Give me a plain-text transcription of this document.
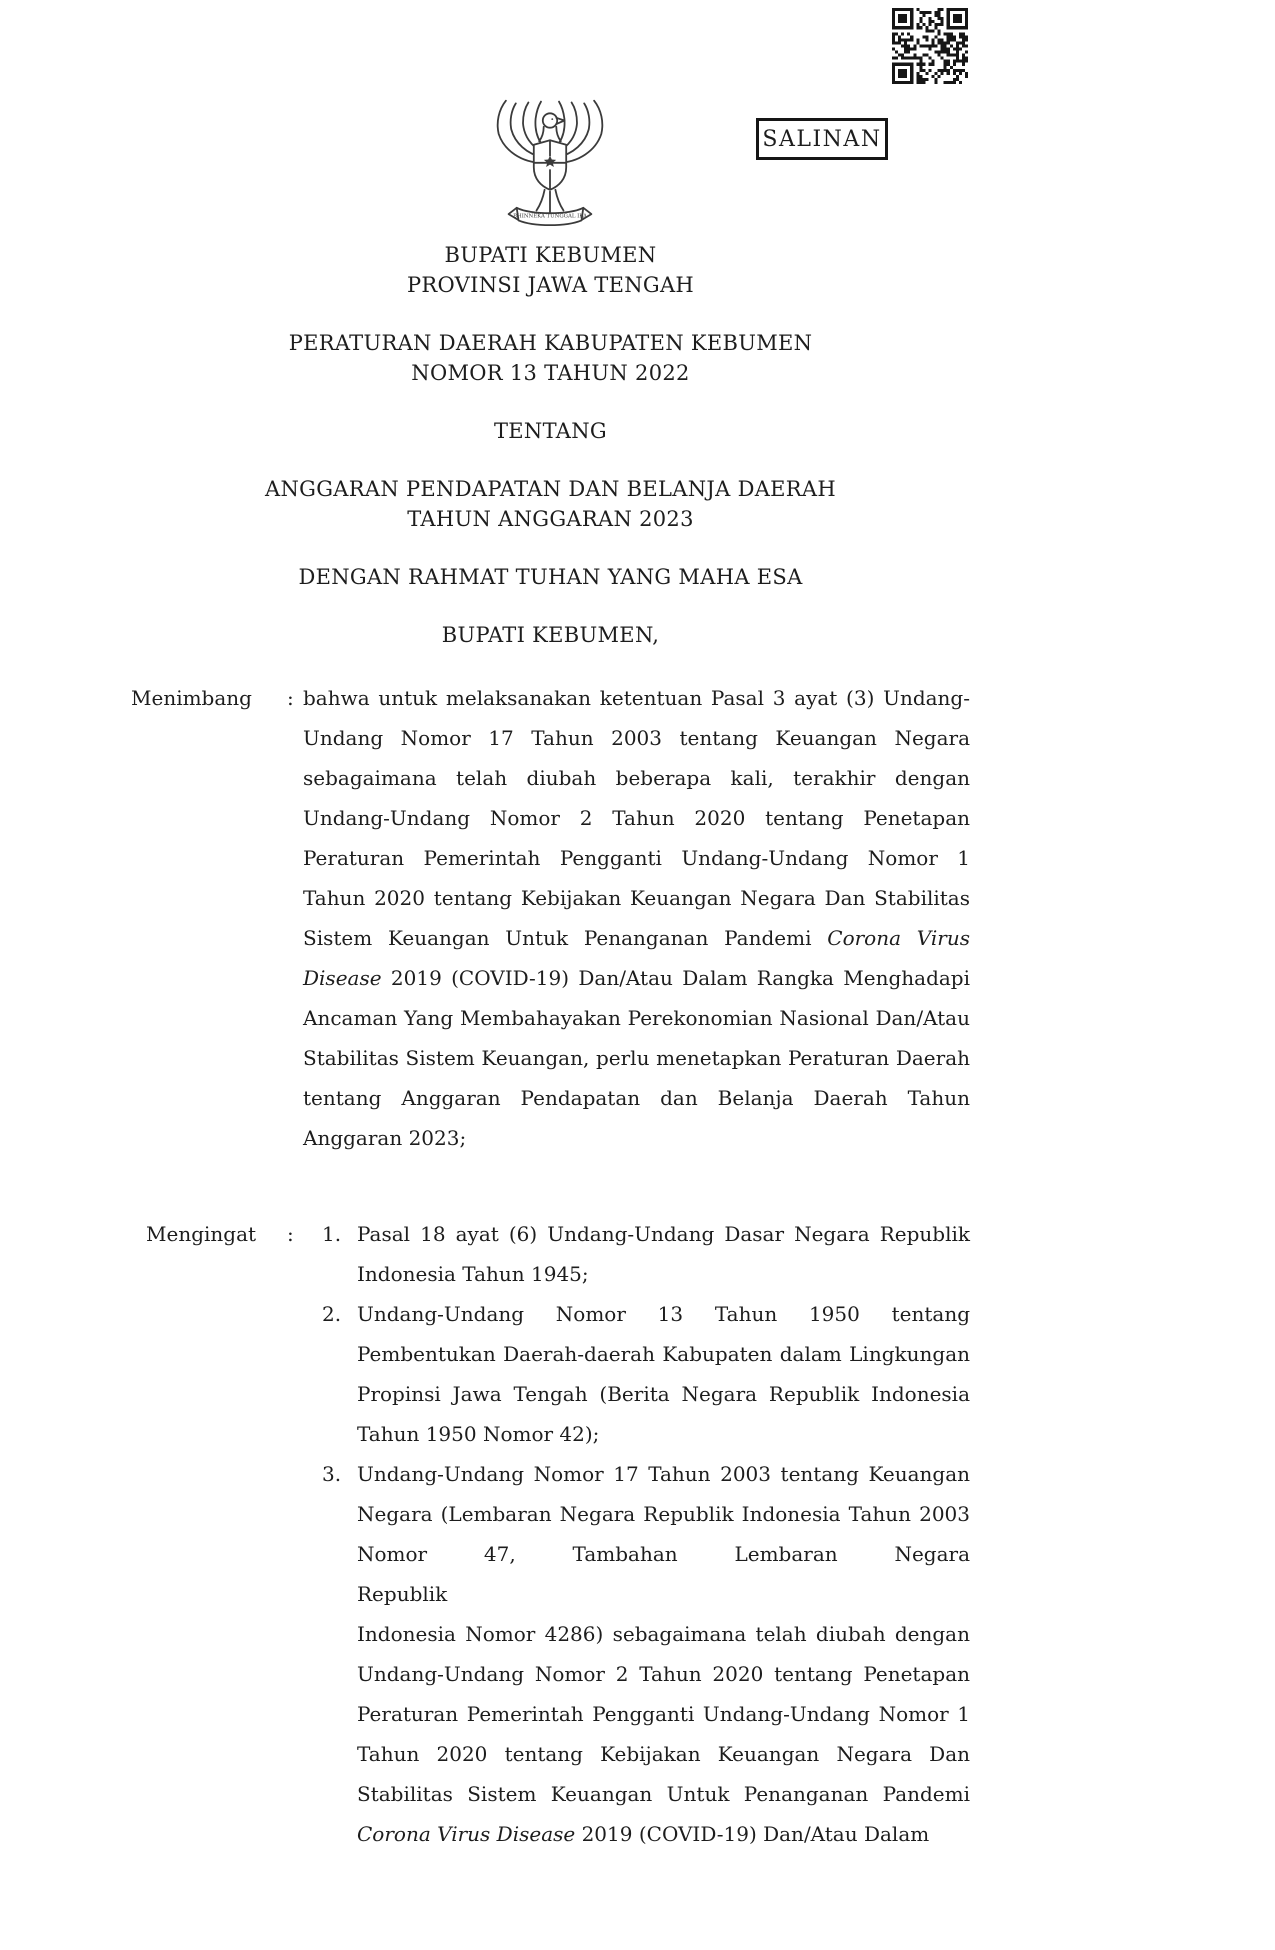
SALINAN
BHINNEKA TUNGGAL IKA
BUPATI KEBUMEN
PROVINSI JAWA TENGAH
PERATURAN DAERAH KABUPATEN KEBUMEN
NOMOR 13 TAHUN 2022
TENTANG
ANGGARAN PENDAPATAN DAN BELANJA DAERAH
TAHUN ANGGARAN 2023
DENGAN RAHMAT TUHAN YANG MAHA ESA
BUPATI KEBUMEN,
Menimbang	: bahwa untuk melaksanakan ketentuan Pasal 3 ayat (3) Undang-Undang Nomor 17 Tahun 2003 tentang Keuangan Negara sebagaimana telah diubah beberapa kali, terakhir dengan Undang-Undang Nomor 2 Tahun 2020 tentang Penetapan Peraturan Pemerintah Pengganti Undang-Undang Nomor 1 Tahun 2020 tentang Kebijakan Keuangan Negara Dan Stabilitas Sistem Keuangan Untuk Penanganan Pandemi Corona Virus Disease 2019 (COVID-19) Dan/Atau Dalam Rangka Menghadapi Ancaman Yang Membahayakan Perekonomian Nasional Dan/Atau Stabilitas Sistem Keuangan, perlu menetapkan Peraturan Daerah tentang Anggaran Pendapatan dan Belanja Daerah Tahun Anggaran 2023;

Mengingat	:	1. Pasal 18 ayat (6) Undang-Undang Dasar Negara Republik Indonesia Tahun 1945;

2. Undang-Undang Nomor 13 Tahun 1950 tentang Pembentukan Daerah-daerah Kabupaten dalam Lingkungan Propinsi Jawa Tengah (Berita Negara Republik Indonesia Tahun 1950 Nomor 42);

3. Undang-Undang Nomor 17 Tahun 2003 tentang Keuangan Negara (Lembaran Negara Republik Indonesia Tahun 2003 Nomor 47, Tambahan Lembaran Negara

Republik

Indonesia Nomor 4286) sebagaimana telah diubah dengan Undang-Undang Nomor 2 Tahun 2020 tentang Penetapan Peraturan Pemerintah Pengganti Undang-Undang Nomor 1 Tahun 2020 tentang Kebijakan Keuangan Negara Dan Stabilitas Sistem Keuangan Untuk Penanganan Pandemi Corona Virus Disease 2019 (COVID-19) Dan/Atau Dalam
